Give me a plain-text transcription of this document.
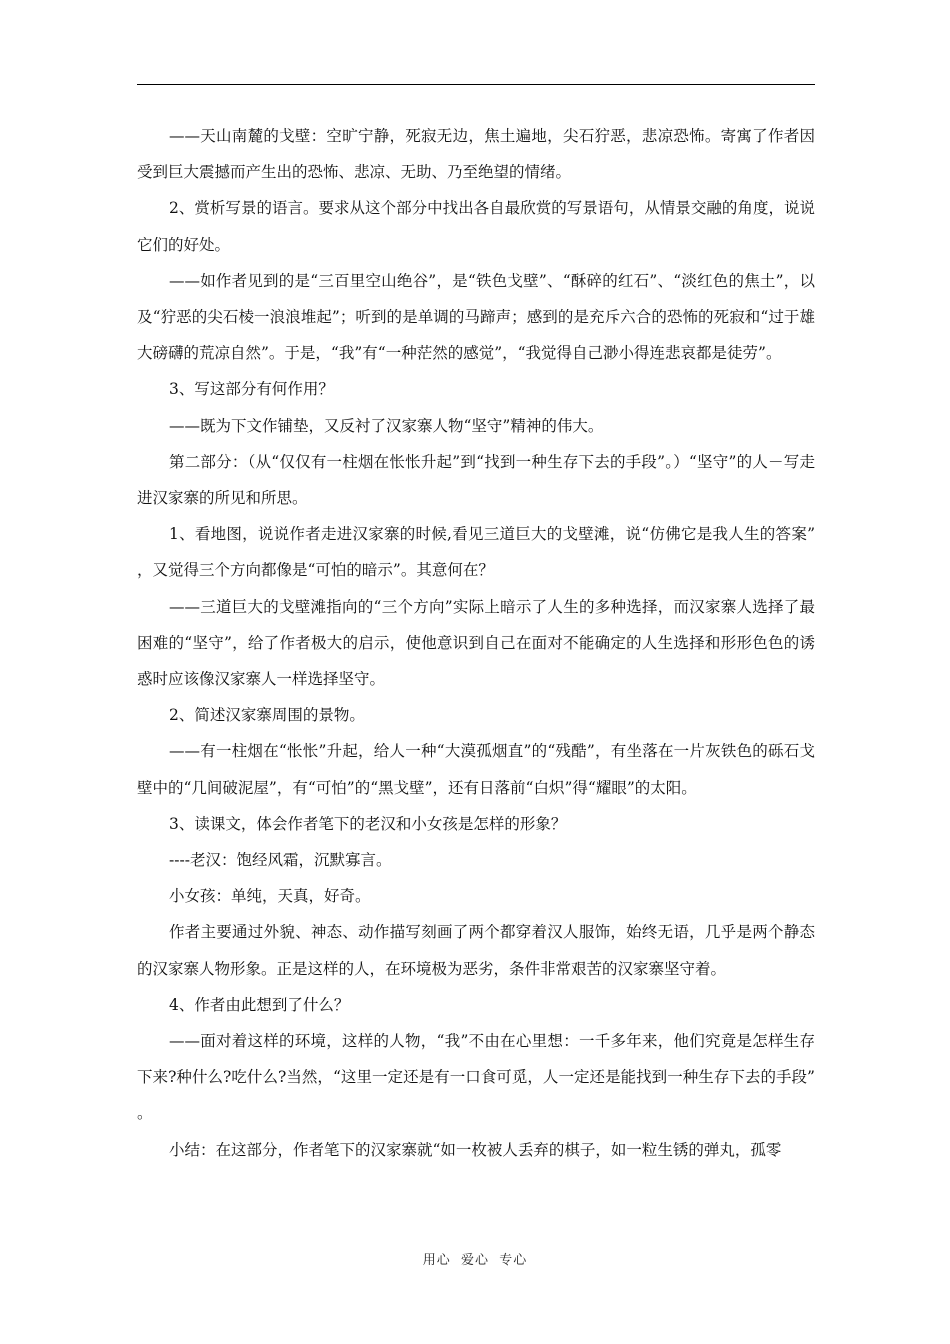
——天山南麓的戈壁：空旷宁静，死寂无边，焦土遍地，尖石狞恶，悲凉恐怖。寄寓了作者因受到巨大震撼而产生出的恐怖、悲凉、无助、乃至绝望的情绪。

2、赏析写景的语言。要求从这个部分中找出各自最欣赏的写景语句，从情景交融的角度，说说它们的好处。

——如作者见到的是“三百里空山绝谷”，是“铁色戈壁”、“酥碎的红石”、“淡红色的焦土”，以及“狞恶的尖石棱一浪浪堆起”；听到的是单调的马蹄声；感到的是充斥六合的恐怖的死寂和“过于雄大磅礴的荒凉自然”。于是，“我”有“一种茫然的感觉”，“我觉得自己渺小得连悲哀都是徒劳”。

3、写这部分有何作用？

——既为下文作铺垫，又反衬了汉家寨人物“坚守”精神的伟大。

第二部分：（从“仅仅有一柱烟在怅怅升起”到“找到一种生存下去的手段”。）“坚守”的人－写走进汉家寨的所见和所思。

1、看地图，说说作者走进汉家寨的时候,看见三道巨大的戈壁滩，说“仿佛它是我人生的答案”，又觉得三个方向都像是“可怕的暗示”。其意何在？

——三道巨大的戈壁滩指向的“三个方向”实际上暗示了人生的多种选择，而汉家寨人选择了最困难的“坚守”，给了作者极大的启示，使他意识到自己在面对不能确定的人生选择和形形色色的诱惑时应该像汉家寨人一样选择坚守。

2、简述汉家寨周围的景物。

——有一柱烟在“怅怅”升起，给人一种“大漠孤烟直”的“残酷”，有坐落在一片灰铁色的砾石戈壁中的“几间破泥屋”，有“可怕”的“黑戈壁”，还有日落前“白炽”得“耀眼”的太阳。

3、读课文，体会作者笔下的老汉和小女孩是怎样的形象？

----老汉：饱经风霜，沉默寡言。

小女孩：单纯，天真，好奇。

作者主要通过外貌、神态、动作描写刻画了两个都穿着汉人服饰，始终无语，几乎是两个静态的汉家寨人物形象。正是这样的人，在环境极为恶劣，条件非常艰苦的汉家寨坚守着。

4、作者由此想到了什么？

——面对着这样的环境，这样的人物，“我”不由在心里想：一千多年来，他们究竟是怎样生存下来?种什么?吃什么?当然，“这里一定还是有一口食可觅，人一定还是能找到一种生存下去的手段”。

小结：在这部分，作者笔下的汉家寨就“如一枚被人丢弃的棋子，如一粒生锈的弹丸，孤零

用心  爱心  专心
